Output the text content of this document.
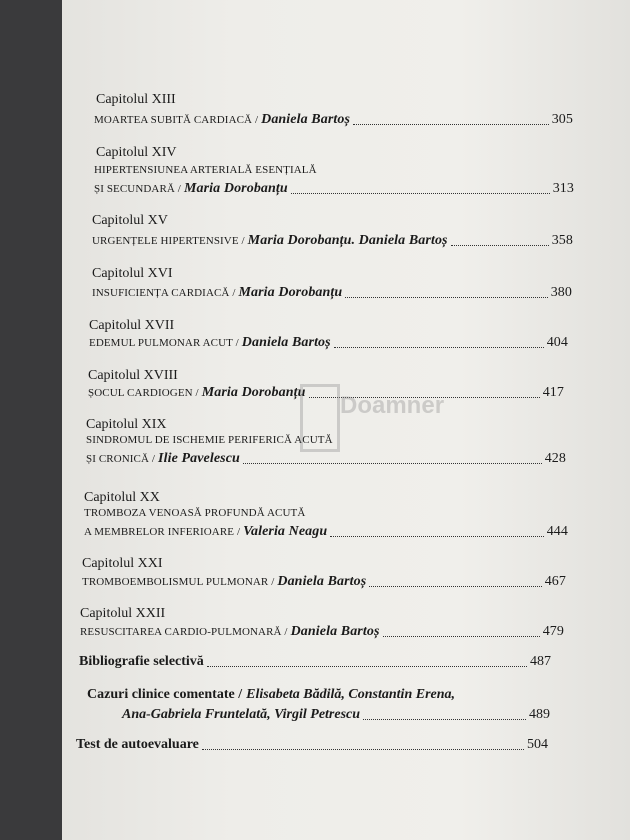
Capitolul XIII
MOARTEA SUBITĂ CARDIACĂ / Daniela Bartoș	305
Capitolul XIV
HIPERTENSIUNEA ARTERIALĂ ESENȚIALĂ
ȘI SECUNDARĂ / Maria Dorobanțu	313
Capitolul XV
URGENȚELE HIPERTENSIVE / Maria Dorobanțu. Daniela Bartoș	358
Capitolul XVI
INSUFICIENȚA CARDIACĂ / Maria Dorobanțu	380
Capitolul XVII
EDEMUL PULMONAR ACUT / Daniela Bartoș	404
Capitolul XVIII
ȘOCUL CARDIOGEN / Maria Dorobanțu	417
Capitolul XIX
SINDROMUL DE ISCHEMIE PERIFERICĂ ACUTĂ
ȘI CRONICĂ / Ilie Pavelescu	428
Capitolul XX
TROMBOZA VENOASĂ PROFUNDĂ ACUTĂ
A MEMBRELOR INFERIOARE / Valeria Neagu	444
Capitolul XXI
TROMBOEMBOLISMUL PULMONAR / Daniela Bartoș	467
Capitolul XXII
RESUSCITAREA CARDIO-PULMONARĂ / Daniela Bartoș	479
Doamner
Bibliografie selectivă	487
Cazuri clinice comentate / Elisabeta Bădilă, Constantin Erena,
Ana-Gabriela Fruntelată, Virgil Petrescu	489
Test de autoevaluare	504
